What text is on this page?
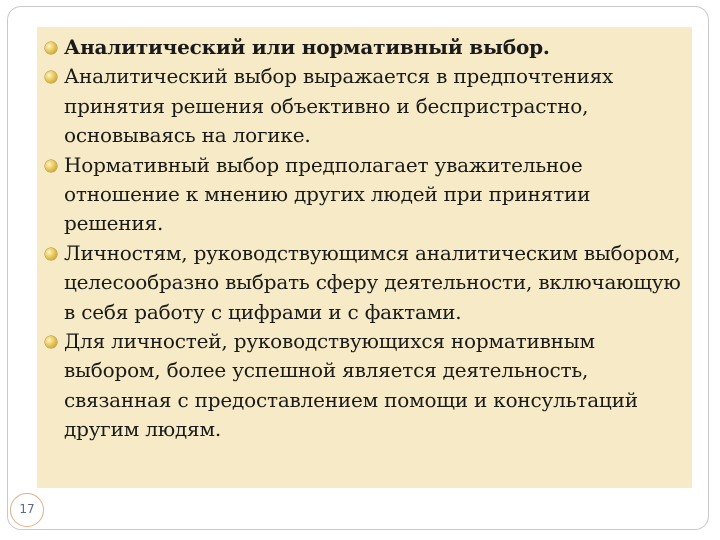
Аналитический или нормативный выбор.
Аналитический выбор выражается в предпочтениях принятия решения объективно и беспристрастно, основываясь на логике.
Нормативный выбор предполагает уважительное отношение к мнению других людей при принятии решения.
Личностям, руководствующимся аналитическим выбором, целесообразно выбрать сферу деятельности, включающую в себя работу с цифрами и с фактами.
Для личностей, руководствующихся нормативным выбором, более успешной является деятельность, связанная с предоставлением помощи и консультаций другим людям.
17
